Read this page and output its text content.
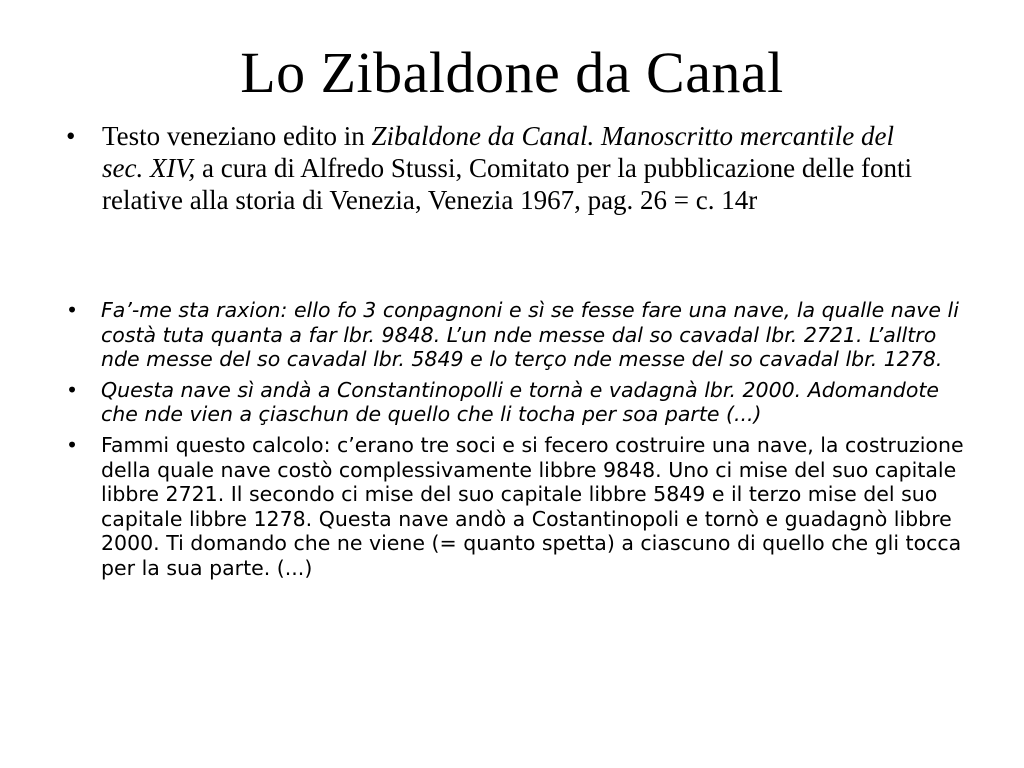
Lo Zibaldone da Canal
• Testo veneziano edito in Zibaldone da Canal. Manoscritto mercantile del sec. XIV, a cura di Alfredo Stussi, Comitato per la pubblicazione delle fonti relative alla storia di Venezia, Venezia 1967, pag. 26 = c. 14r
• Fa’-me sta raxion: ello fo 3 conpagnoni e sì se fesse fare una nave, la qualle nave li costà tuta quanta a far lbr. 9848. L’un nde messe dal so cavadal lbr. 2721. L’alltro nde messe del so cavadal lbr. 5849 e lo terço nde messe del so cavadal lbr. 1278.
• Questa nave sì andà a Constantinopolli e tornà e vadagnà lbr. 2000. Adomandote che nde vien a çiaschun de quello che li tocha per soa parte (...)
• Fammi questo calcolo: c’erano tre soci e si fecero costruire una nave, la costruzione della quale nave costò complessivamente libbre 9848. Uno ci mise del suo capitale libbre 2721. Il secondo ci mise del suo capitale libbre 5849 e il terzo mise del suo capitale libbre 1278. Questa nave andò a Costantinopoli e tornò e guadagnò libbre 2000. Ti domando che ne viene (= quanto spetta) a ciascuno di quello che gli tocca per la sua parte. (...)
